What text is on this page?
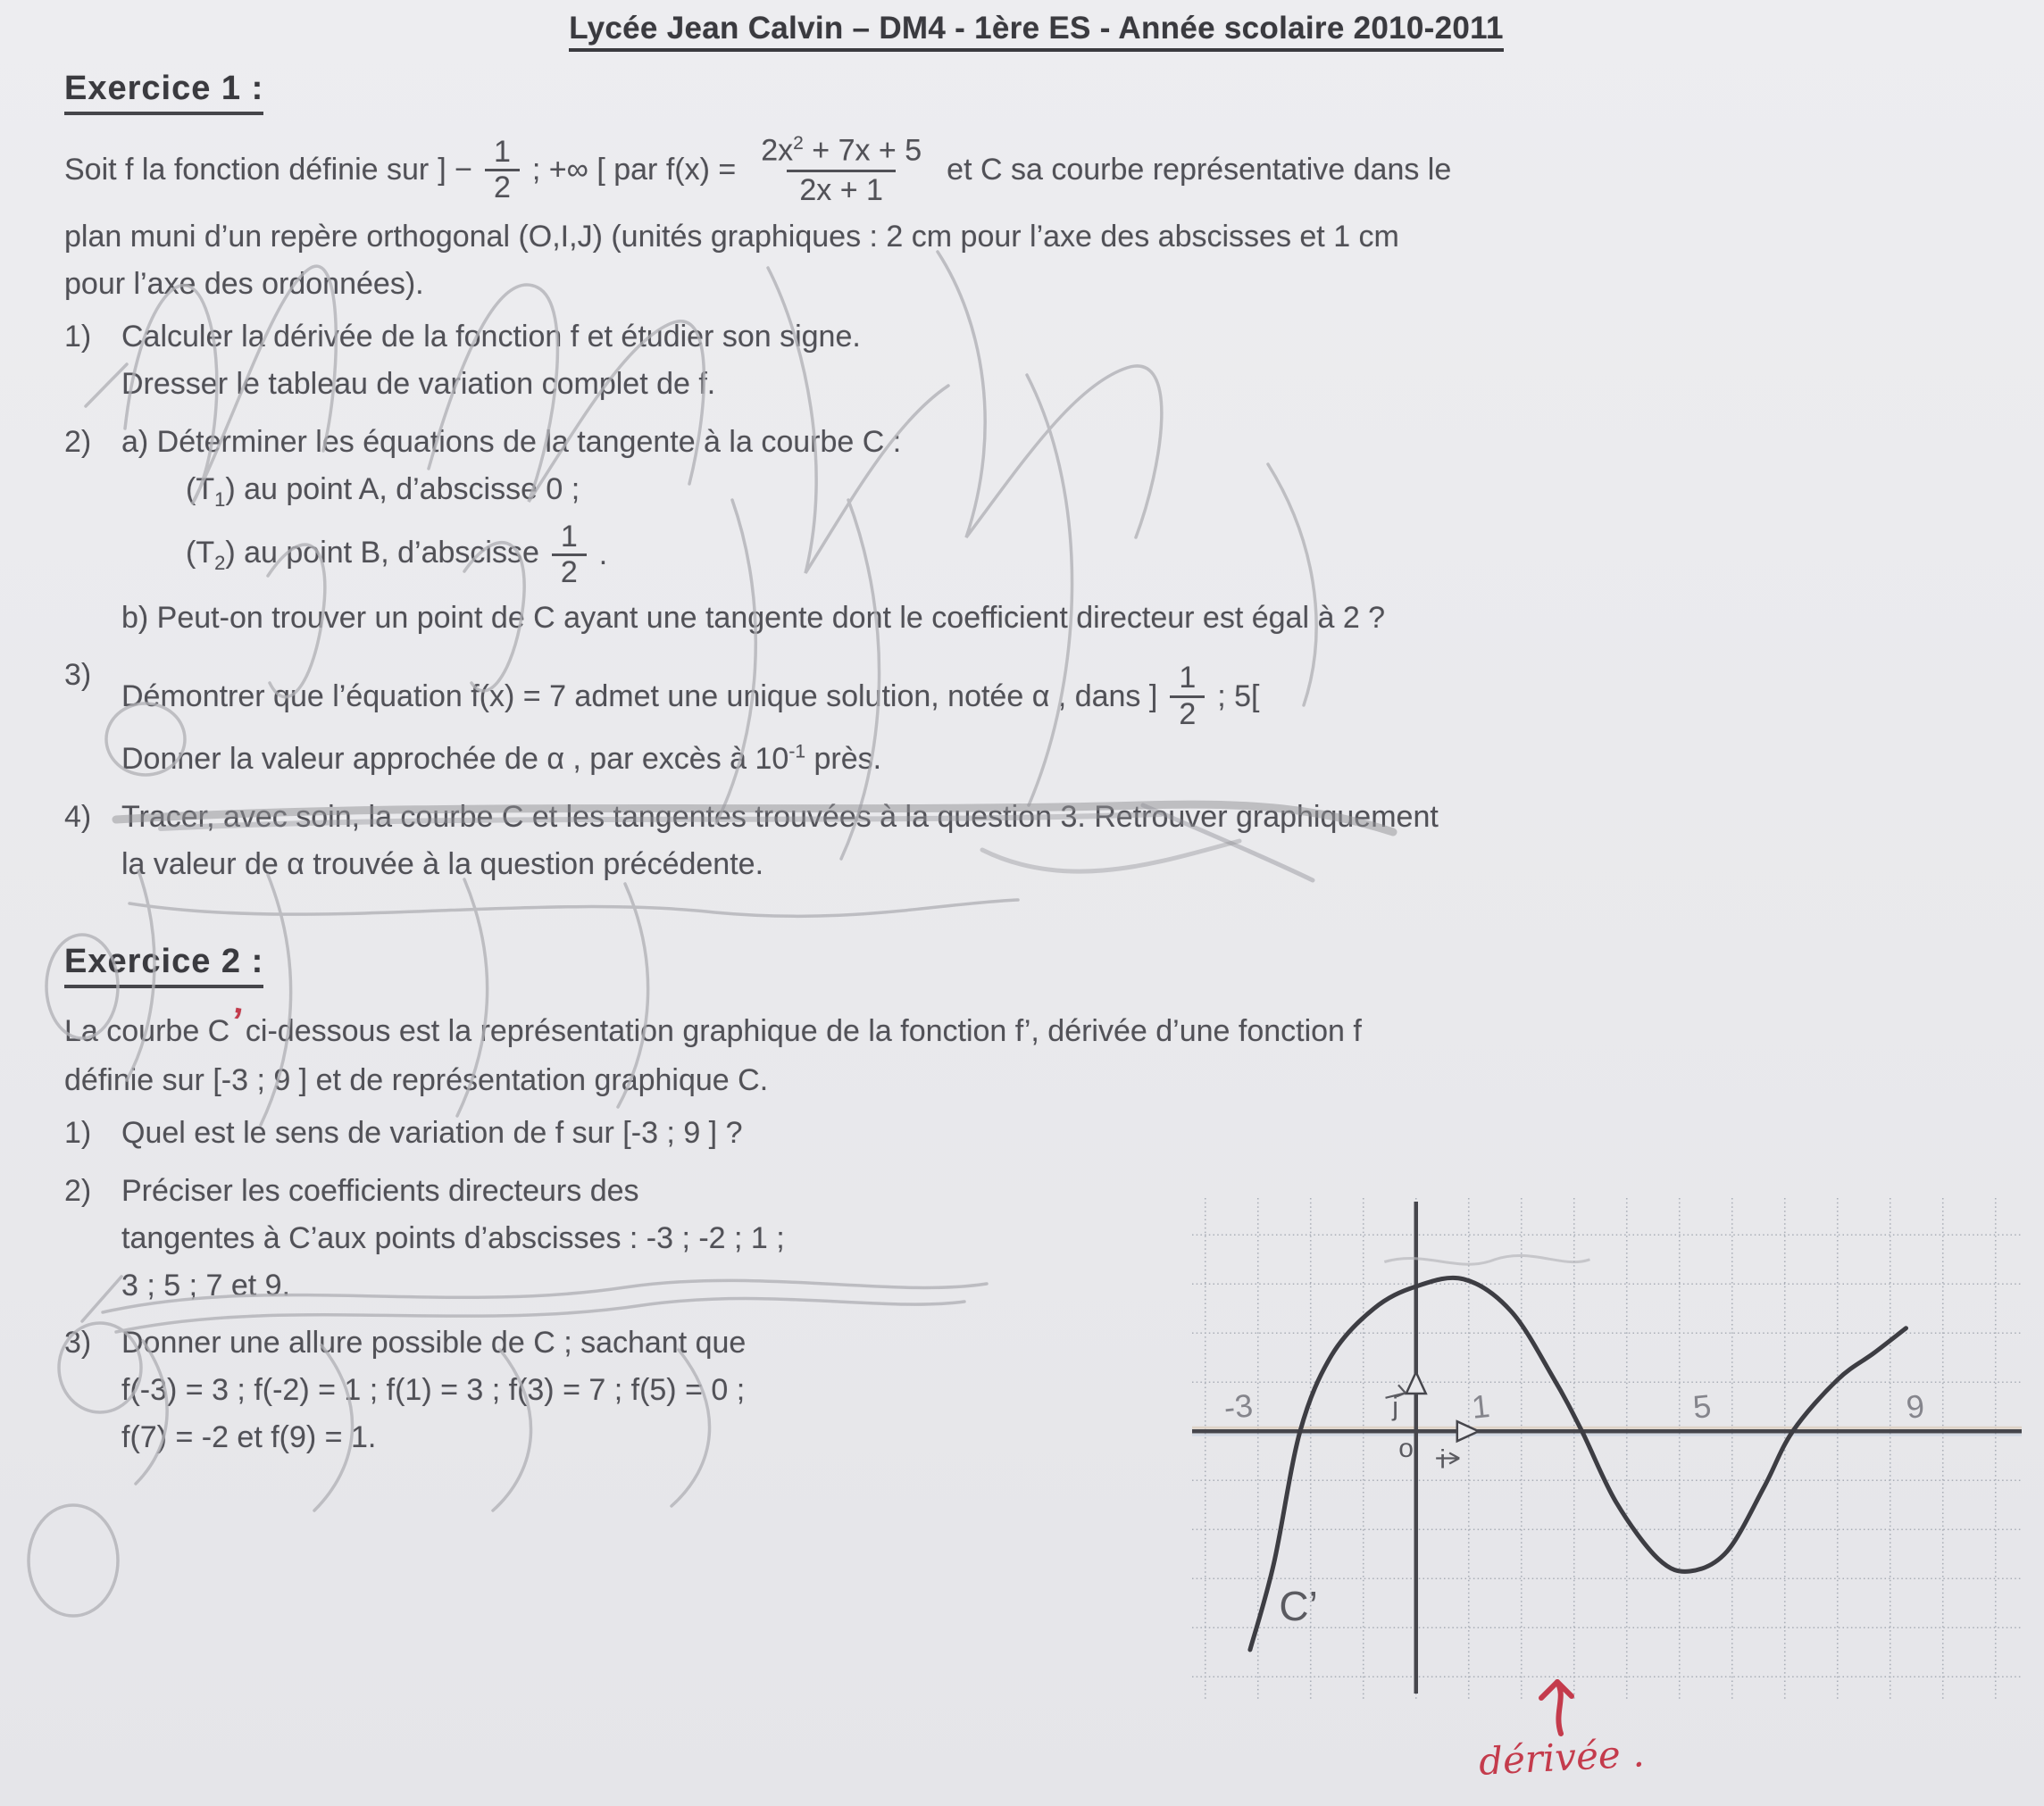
Lycée Jean Calvin – DM4 - 1ère ES - Année scolaire 2010-2011
Exercice 1 :
Soit f la fonction définie sur ] − $\frac{1}{2}$ ; +∞ [ par $f(x) = \frac{2x^2 + 7x + 5}{2x + 1}$ et C sa courbe représentative dans le
plan muni d’un repère orthogonal (O,I,J) (unités graphiques : 2 cm pour l’axe des abscisses et 1 cm
pour l’axe des ordonnées).
1) Calculer la dérivée de la fonction f et étudier son signe.
Dresser le tableau de variation complet de f.
2) a) Déterminer les équations de la tangente à la courbe C :
$(T_1)$ au point A, d’abscisse 0 ;
$(T_2)$ au point B, d’abscisse $\frac{1}{2}$ .
b) Peut-on trouver un point de C ayant une tangente dont le coefficient directeur est égal à 2 ?
3)
Démontrer que l’équation f(x) = 7 admet une unique solution, notée α , dans ] $\frac{1}{2}$ ; 5[
Donner la valeur approchée de α , par excès à $10^{-1}$ près.
4) Tracer, avec soin, la courbe C et les tangentes trouvées à la question 3. Retrouver graphiquement
la valeur de α trouvée à la question précédente.
Exercice 2 :
La courbe C’ci-dessous est la représentation graphique de la fonction f’, dérivée d’une fonction f
définie sur [-3 ; 9 ] et de représentation graphique C.
1) Quel est le sens de variation de f sur [-3 ; 9 ] ?
2) Préciser les coefficients directeurs des
tangentes à C’aux points d’abscisses : -3 ; -2 ; 1 ;
3 ; 5 ; 7 et 9.
3) Donner une allure possible de C ; sachant que
f(-3) = 3 ; f(-2) = 1 ; f(1) = 3 ; f(3) = 7 ; f(5) = 0 ;
f(7) = -2 et f(9) = 1.
j
o i
-3	1	5	9
C’
dérivée .
